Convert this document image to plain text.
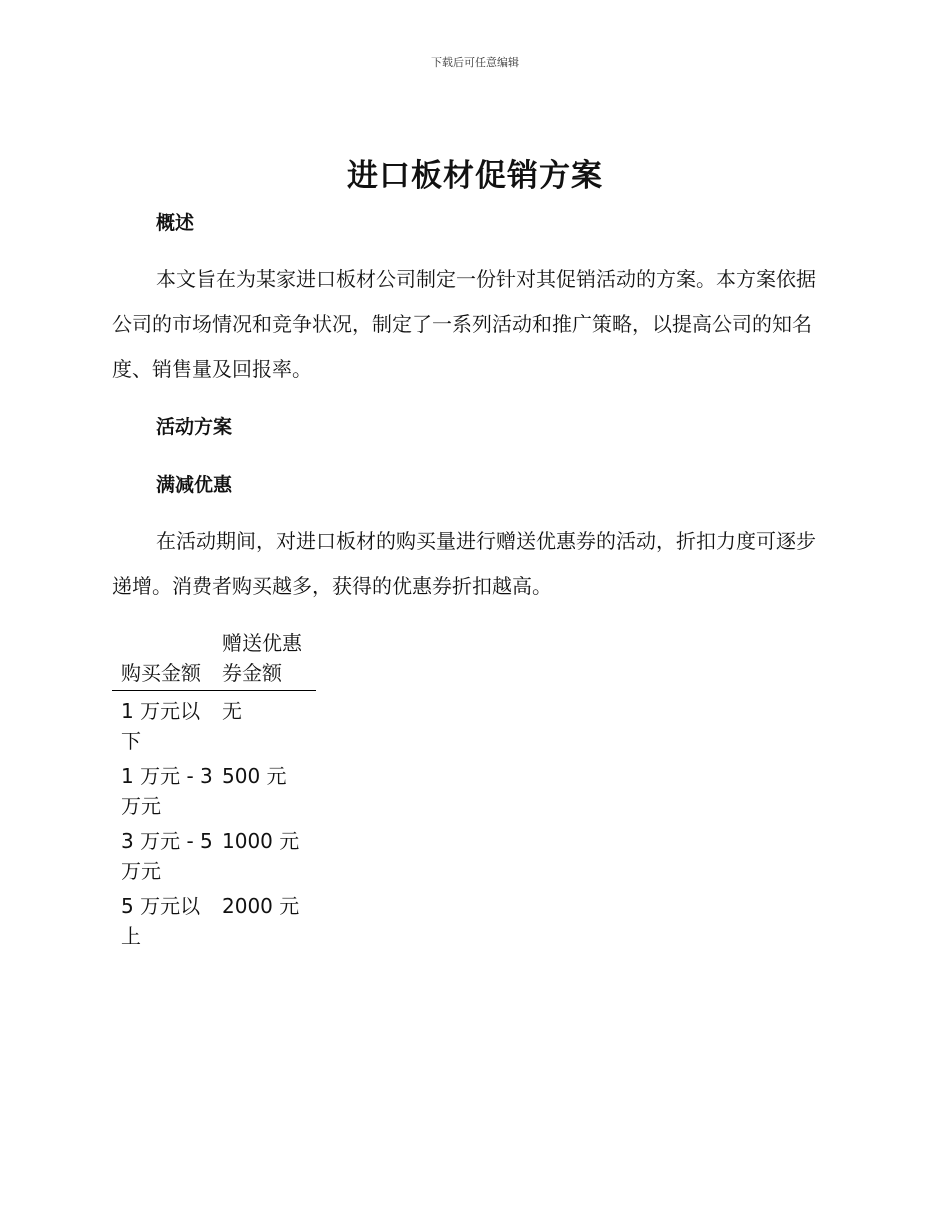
下载后可任意编辑
进口板材促销方案
概述
本文旨在为某家进口板材公司制定一份针对其促销活动的方案。本方案依据公司的市场情况和竞争状况，制定了一系列活动和推广策略，以提高公司的知名度、销售量及回报率。
活动方案
满减优惠
在活动期间，对进口板材的购买量进行赠送优惠券的活动，折扣力度可逐步递增。消费者购买越多，获得的优惠券折扣越高。
购买金额	赠送优惠券金额
1 万元以下	无
1 万元 - 3 万元	500 元
3 万元 - 5 万元	1000 元
5 万元以上	2000 元
